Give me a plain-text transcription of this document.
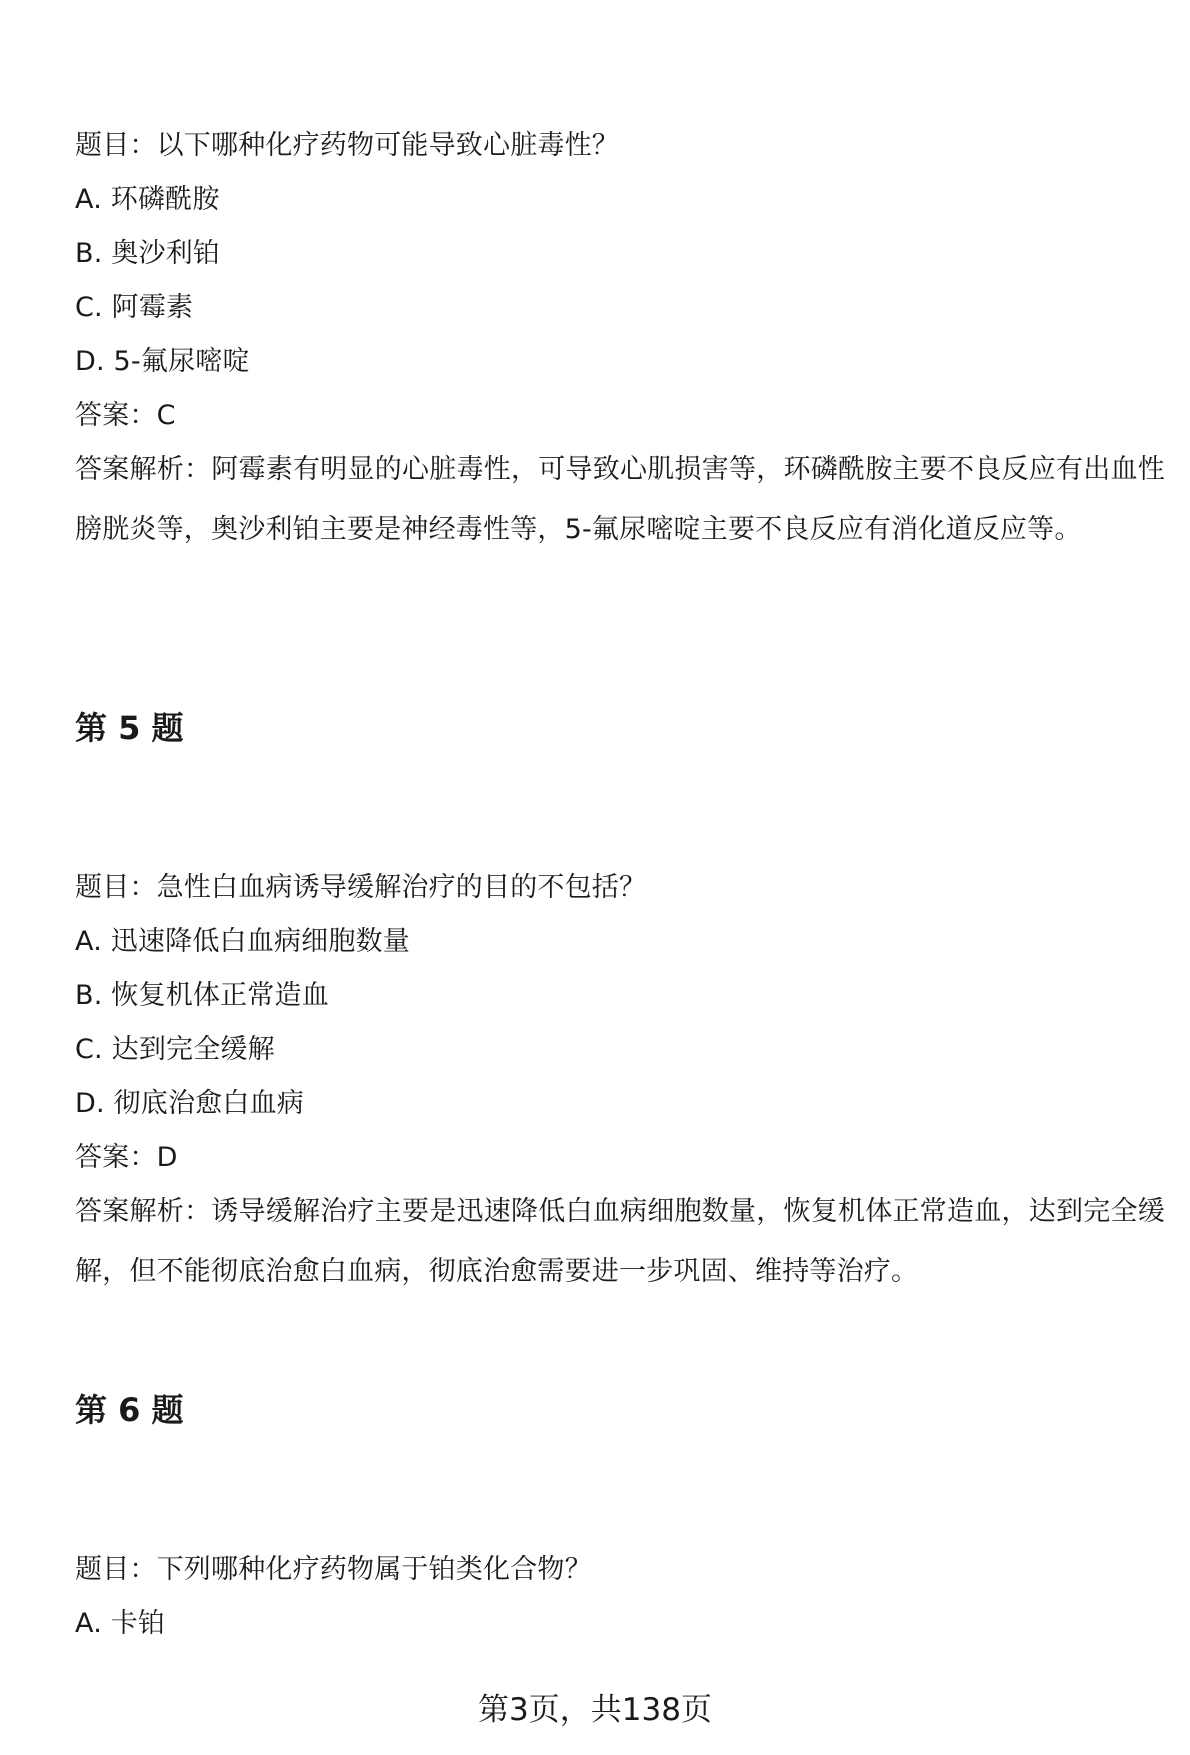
题目：以下哪种化疗药物可能导致心脏毒性？
A. 环磷酰胺
B. 奥沙利铂
C. 阿霉素
D. 5-氟尿嘧啶
答案：C
答案解析：阿霉素有明显的心脏毒性，可导致心肌损害等，环磷酰胺主要不良反应有出血性膀胱炎等，奥沙利铂主要是神经毒性等，5-氟尿嘧啶主要不良反应有消化道反应等。
第 5 题
题目：急性白血病诱导缓解治疗的目的不包括？
A. 迅速降低白血病细胞数量
B. 恢复机体正常造血
C. 达到完全缓解
D. 彻底治愈白血病
答案：D
答案解析：诱导缓解治疗主要是迅速降低白血病细胞数量，恢复机体正常造血，达到完全缓解，但不能彻底治愈白血病，彻底治愈需要进一步巩固、维持等治疗。
第 6 题
题目：下列哪种化疗药物属于铂类化合物？
A. 卡铂
第3页，共138页
